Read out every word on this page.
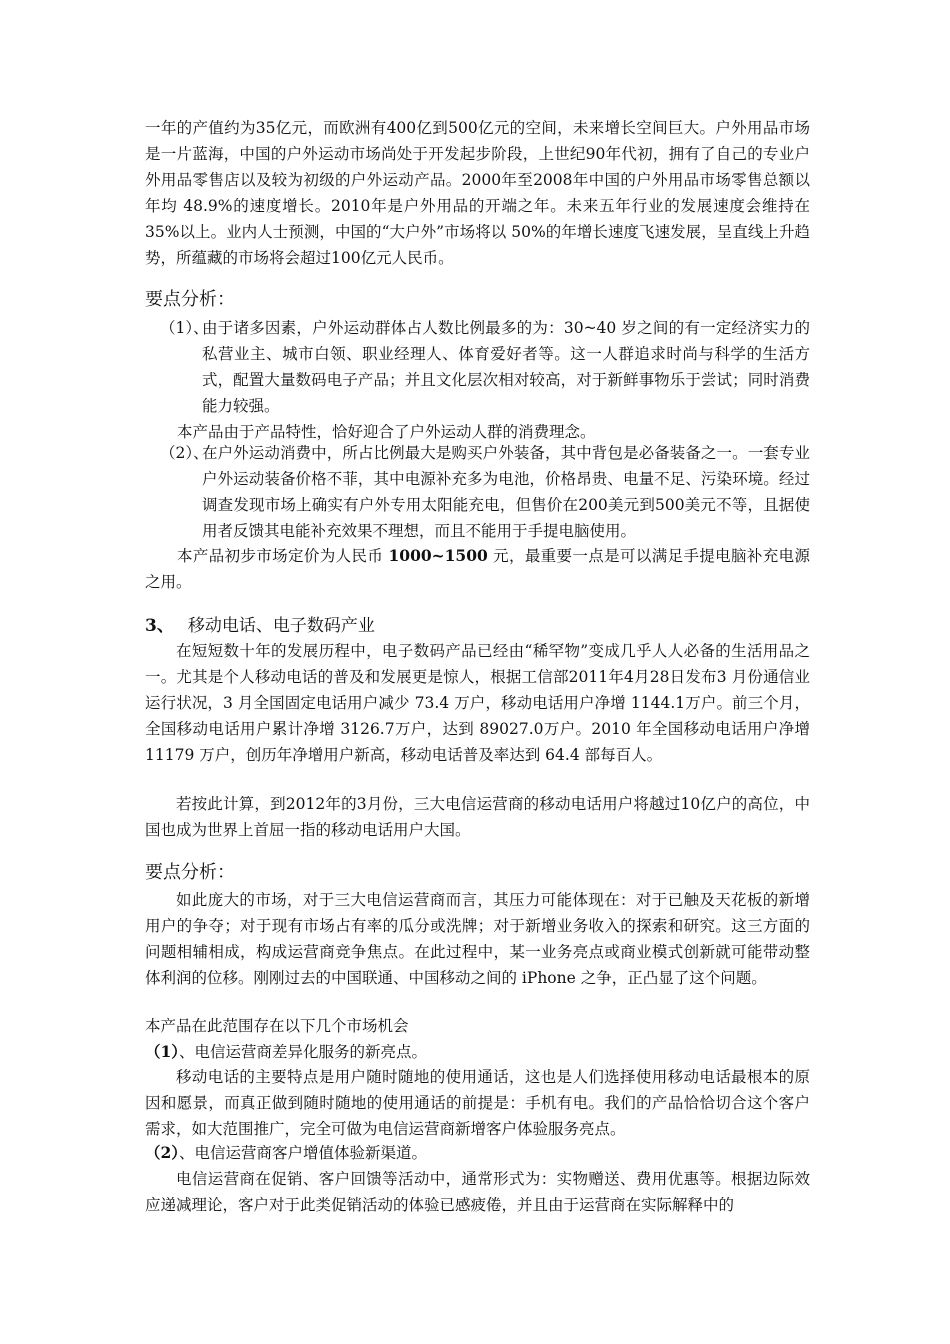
一年的产值约为35亿元，而欧洲有400亿到500亿元的空间，未来增长空间巨大。户外用品市场是一片蓝海，中国的户外运动市场尚处于开发起步阶段，上世纪90年代初，拥有了自己的专业户外用品零售店以及较为初级的户外运动产品。2000年至2008年中国的户外用品市场零售总额以年均 48.9%的速度增长。2010年是户外用品的开端之年。未来五年行业的发展速度会维持在 35%以上。业内人士预测，中国的“大户外”市场将以 50%的年增长速度飞速发展，呈直线上升趋势，所蕴藏的市场将会超过100亿元人民币。

要点分析：
（1）、
由于诸多因素，户外运动群体占人数比例最多的为：30~40 岁之间的有一定经济实力的私营业主、城市白领、职业经理人、体育爱好者等。这一人群追求时尚与科学的生活方式，配置大量数码电子产品；并且文化层次相对较高，对于新鲜事物乐于尝试；同时消费能力较强。
本产品由于产品特性，恰好迎合了户外运动人群的消费理念。
（2）、
在户外运动消费中，所占比例最大是购买户外装备，其中背包是必备装备之一。一套专业户外运动装备价格不菲，其中电源补充多为电池，价格昂贵、电量不足、污染环境。经过调查发现市场上确实有户外专用太阳能充电，但售价在200美元到500美元不等，且据使用者反馈其电能补充效果不理想，而且不能用于手提电脑使用。
本产品初步市场定价为人民币 1000~1500 元，最重要一点是可以满足手提电脑补充电源之用。
3、 移动电话、电子数码产业

在短短数十年的发展历程中，电子数码产品已经由“稀罕物”变成几乎人人必备的生活用品之一。尤其是个人移动电话的普及和发展更是惊人，根据工信部2011年4月28日发布3 月份通信业运行状况，3 月全国固定电话用户减少 73.4 万户，移动电话用户净增 1144.1万户。前三个月，全国移动电话用户累计净增 3126.7万户，达到 89027.0万户。2010 年全国移动电话用户净增 11179 万户，创历年净增用户新高，移动电话普及率达到 64.4 部每百人。

若按此计算，到2012年的3月份，三大电信运营商的移动电话用户将越过10亿户的高位，中国也成为世界上首屈一指的移动电话用户大国。

要点分析：

如此庞大的市场，对于三大电信运营商而言，其压力可能体现在：对于已触及天花板的新增用户的争夺；对于现有市场占有率的瓜分或洗牌；对于新增业务收入的探索和研究。这三方面的问题相辅相成，构成运营商竞争焦点。在此过程中，某一业务亮点或商业模式创新就可能带动整体利润的位移。刚刚过去的中国联通、中国移动之间的 iPhone 之争，正凸显了这个问题。

本产品在此范围存在以下几个市场机会
（1）、电信运营商差异化服务的新亮点。

移动电话的主要特点是用户随时随地的使用通话，这也是人们选择使用移动电话最根本的原因和愿景，而真正做到随时随地的使用通话的前提是：手机有电。我们的产品恰恰切合这个客户需求，如大范围推广，完全可做为电信运营商新增客户体验服务亮点。

（2）、电信运营商客户增值体验新渠道。

电信运营商在促销、客户回馈等活动中，通常形式为：实物赠送、费用优惠等。根据边际效应递减理论，客户对于此类促销活动的体验已感疲倦，并且由于运营商在实际解释中的
